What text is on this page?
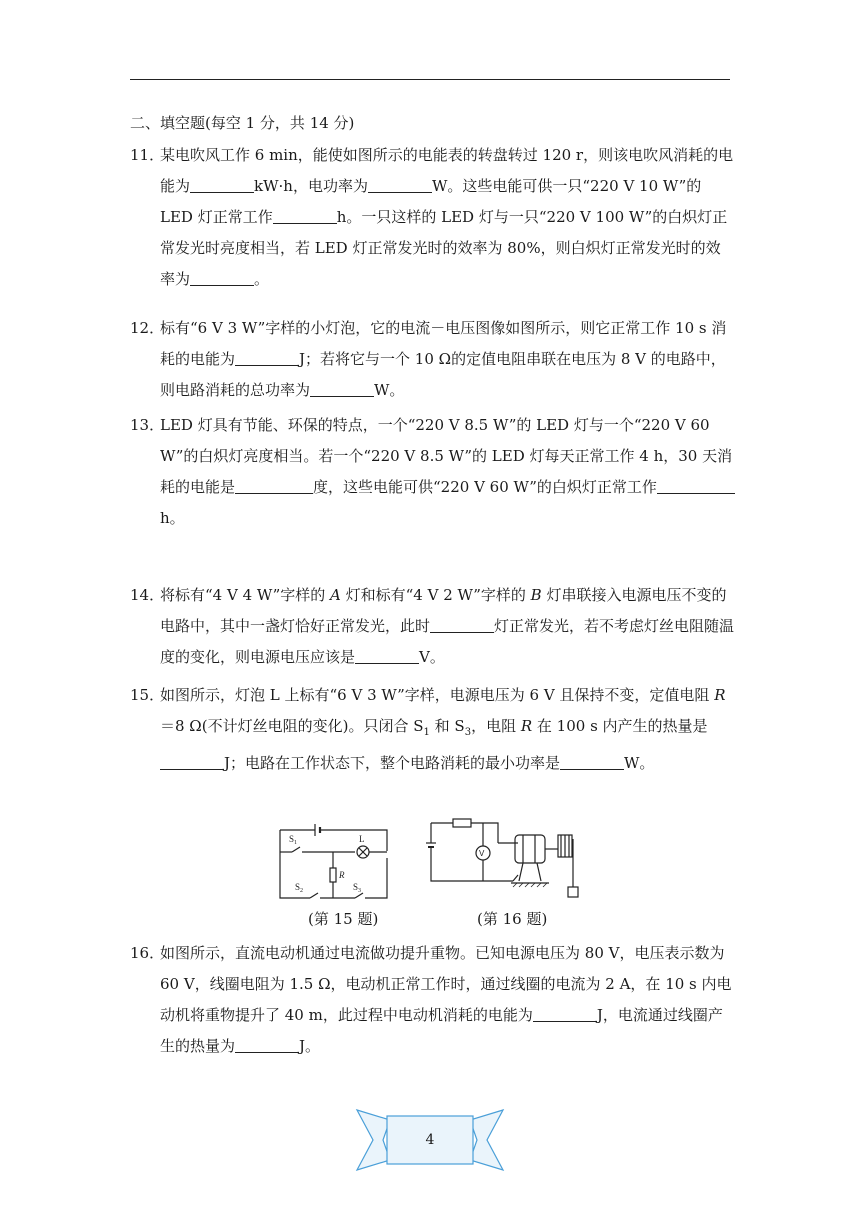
二、填空题(每空 1 分，共 14 分)
11．
某电吹风工作 6 min，能使如图所示的电能表的转盘转过 120 r，则该电吹风消耗的电能为	kW·h，电功率为	W。这些电能可供一只“220 V 10 W”的 LED 灯正常工作	h。一只这样的 LED 灯与一只“220 V 100 W”的白炽灯正常发光时亮度相当，若 LED 灯正常发光时的效率为 80%，则白炽灯正常发光时的效率为	。
12．
标有“6 V 3 W”字样的小灯泡，它的电流－电压图像如图所示，则它正常工作 10 s 消耗的电能为	J；若将它与一个 10 Ω的定值电阻串联在电压为 8 V 的电路中，则电路消耗的总功率为	W。
13．
LED 灯具有节能、环保的特点，一个“220 V 8.5 W”的 LED 灯与一个“220 V 60 W”的白炽灯亮度相当。若一个“220 V 8.5 W”的 LED 灯每天正常工作 4 h，30 天消耗的电能是	度，这些电能可供“220 V 60 W”的白炽灯正常工作h。
14．
将标有“4 V 4 W”字样的 A 灯和标有“4 V 2 W”字样的 B 灯串联接入电源电压不变的电路中，其中一盏灯恰好正常发光，此时	灯正常发光，若不考虑灯丝电阻随温度的变化，则电源电压应该是	V。
15．
如图所示，灯泡 L 上标有“6 V 3 W”字样，电源电压为 6 V 且保持不变，定值电阻 R＝8 Ω(不计灯丝电阻的变化)。只闭合 $S_1$ 和 $S_3$，电阻 R 在 100 s 内产生的热量是J；电路在工作状态下，整个电路消耗的最小功率是	W。
$S_1$	L
R
$S_2$	$S_3$
V
(第 15 题)	(第 16 题)
16．
如图所示，直流电动机通过电流做功提升重物。已知电源电压为 80 V，电压表示数为 60 V，线圈电阻为 1.5 Ω，电动机正常工作时，通过线圈的电流为 2 A，在 10 s 内电动机将重物提升了 40 m，此过程中电动机消耗的电能为	J，电流通过线圈产生的热量为	J。
4
